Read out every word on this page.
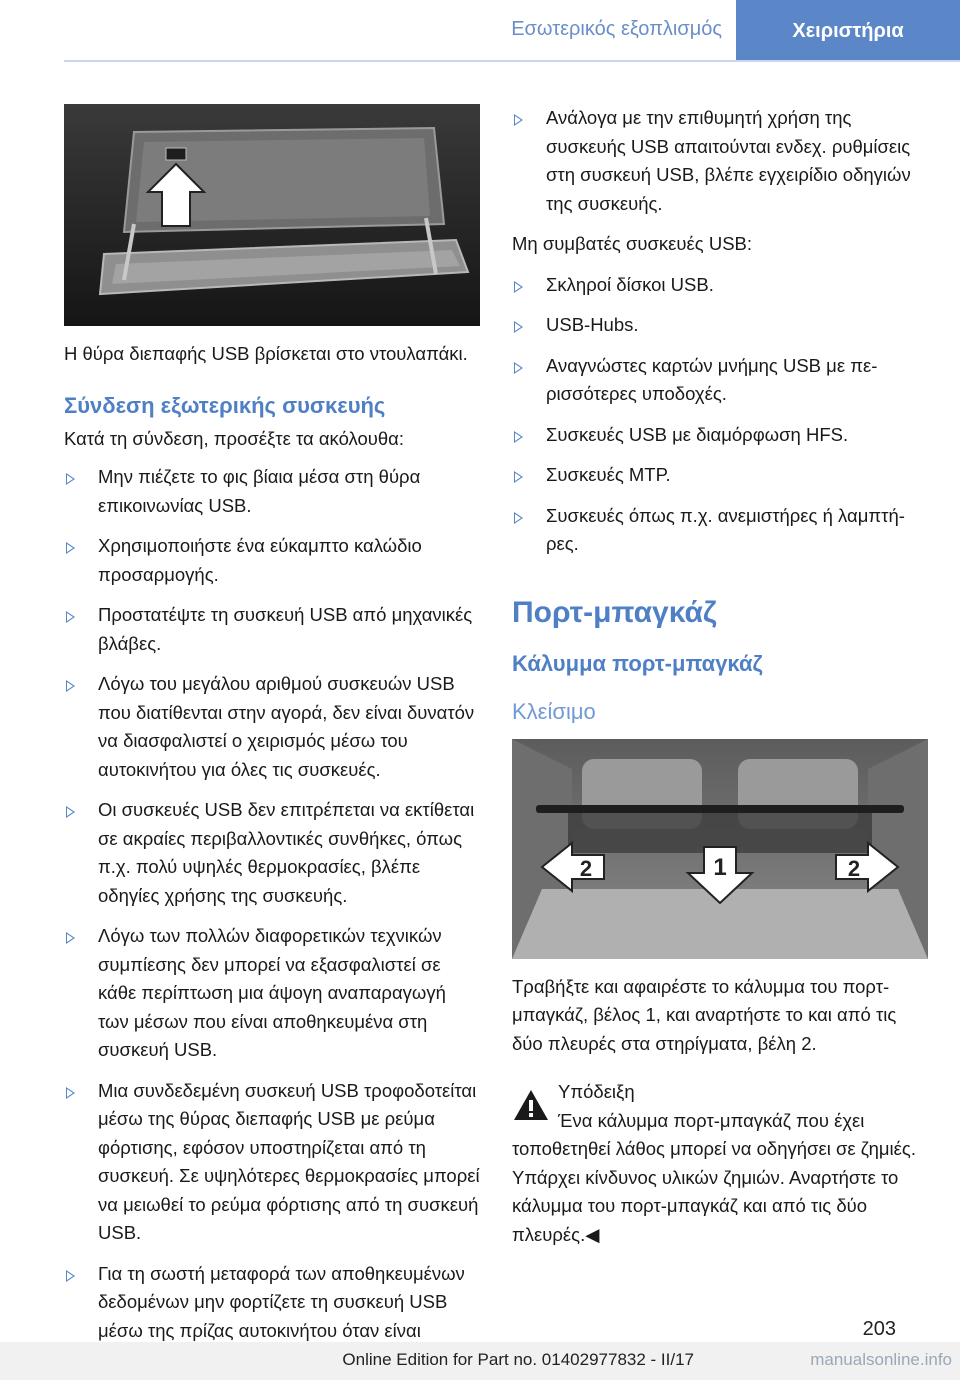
Εσωτερικός εξοπλισμός	Χειριστήρια

Η θύρα διεπαφής USB βρίσκεται στο ντουλαπάκι.

Σύνδεση εξωτερικής συσκευής

Κατά τη σύνδεση, προσέξτε τα ακόλουθα:

Μην πιέζετε το φις βίαια μέσα στη θύρα επικοινωνίας USB.
Χρησιμοποιήστε ένα εύκαμπτο καλώδιο προσαρμογής.
Προστατέψτε τη συσκευή USB από μηχανικές βλάβες.
Λόγω του μεγάλου αριθμού συσκευών USB που διατίθενται στην αγορά, δεν είναι δυνατόν να διασφαλιστεί ο χειρισμός μέσω του αυτοκινήτου για όλες τις συσκευές.
Οι συσκευές USB δεν επιτρέπεται να εκτίθεται σε ακραίες περιβαλλοντικές συνθήκες, όπως π.χ. πολύ υψηλές θερμοκρασίες, βλέπε οδηγίες χρήσης της συσκευής.
Λόγω των πολλών διαφορετικών τεχνικών συμπίεσης δεν μπορεί να εξασφαλιστεί σε κάθε περίπτωση μια άψογη αναπαραγωγή των μέσων που είναι αποθηκευμένα στη συσκευή USB.
Μια συνδεδεμένη συσκευή USB τροφοδοτείται μέσω της θύρας διεπαφής USB με ρεύμα φόρτισης, εφόσον υποστηρίζεται από τη συσκευή. Σε υψηλότερες θερμοκρασίες μπορεί να μειωθεί το ρεύμα φόρτισης από τη συσκευή USB.
Για τη σωστή μεταφορά των αποθηκευμένων δεδομένων μην φορτίζετε τη συσκευή USB μέσω της πρίζας αυτοκινήτου όταν είναι
Ανάλογα με την επιθυμητή χρήση της συσκευής USB απαιτούνται ενδεχ. ρυθμίσεις στη συσκευή USB, βλέπε εγχειρίδιο οδηγιών της συσκευής.

Μη συμβατές συσκευές USB:

Σκληροί δίσκοι USB.
USB-Hubs.
Αναγνώστες καρτών μνήμης USB με περισσότερες υποδοχές.
Συσκευές USB με διαμόρφωση HFS.
Συσκευές MTP.
Συσκευές όπως π.χ. ανεμιστήρες ή λαμπτήρες.
Πορτ-μπαγκάζ
Κάλυμμα πορτ-μπαγκάζ
Κλείσιμο
1
2	2

Τραβήξτε και αφαιρέστε το κάλυμμα του πορτ-μπαγκάζ, βέλος 1, και αναρτήστε το και από τις δύο πλευρές στα στηρίγματα, βέλη 2.

Υπόδειξη

Ένα κάλυμμα πορτ-μπαγκάζ που έχει τοποθετηθεί λάθος μπορεί να οδηγήσει σε ζημιές. Υπάρχει κίνδυνος υλικών ζημιών. Αναρτήστε το κάλυμμα του πορτ-μπαγκάζ και από τις δύο πλευρές.◀

203
Online Edition for Part no. 01402977832 - II/17	manualsonline.info
